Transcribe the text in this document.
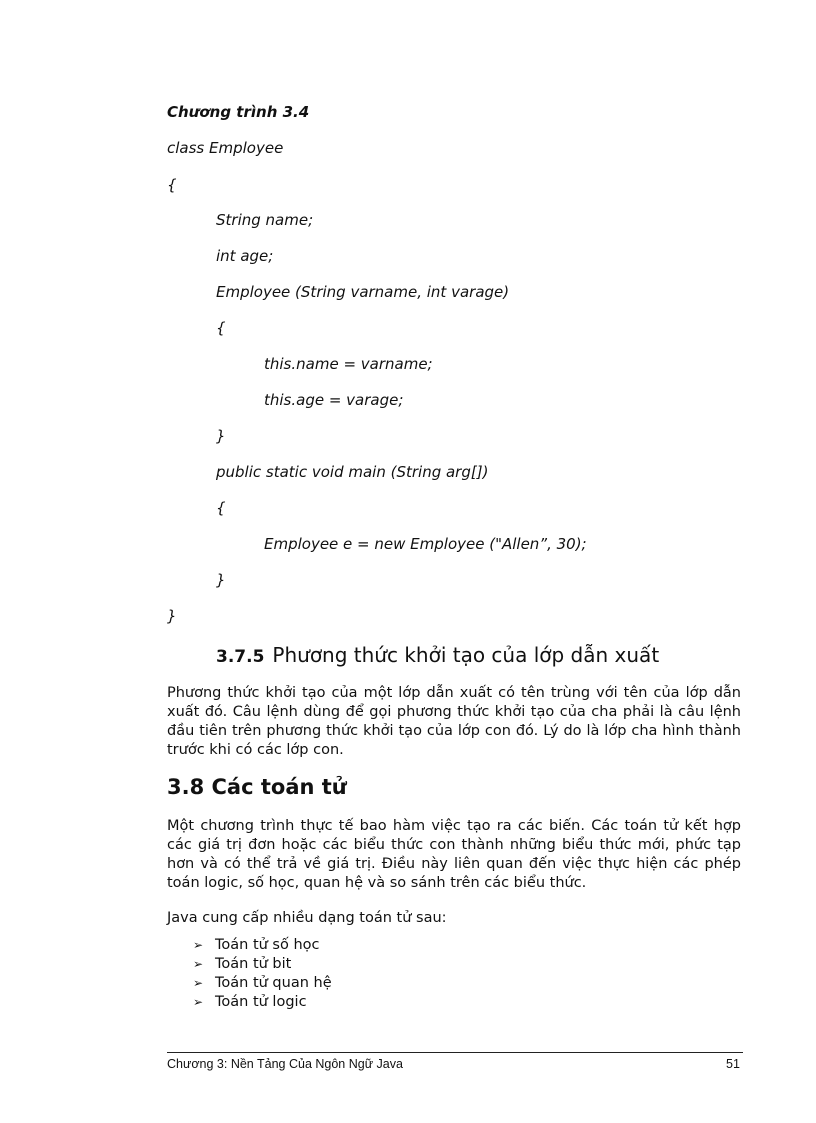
Chương trình 3.4
class Employee
{
String name;
int age;
Employee (String varname, int varage)
{
this.name = varname;
this.age = varage;
}
public static void main (String arg[])
{
Employee e = new Employee ("Allen”, 30);
}
}
3.7.5 Phương thức khởi tạo của lớp dẫn xuất
Phương thức khởi tạo của một lớp dẫn xuất có tên trùng với tên của lớp dẫn xuất đó. Câu lệnh dùng để gọi phương thức khởi tạo của cha phải là câu lệnh đầu tiên trên phương thức khởi tạo của lớp con đó. Lý do là lớp cha hình thành trước khi có các lớp con.
3.8 Các toán tử
Một chương trình thực tế bao hàm việc tạo ra các biến. Các toán tử kết hợp các giá trị đơn hoặc các biểu thức con thành những biểu thức mới, phức tạp hơn và có thể trả về giá trị. Điều này liên quan đến việc thực hiện các phép toán logic, số học, quan hệ và so sánh trên các biểu thức.
Java cung cấp nhiều dạng toán tử sau:
➢ Toán tử số học
➢ Toán tử bit
➢ Toán tử quan hệ
➢ Toán tử logic
Chương 3: Nền Tảng Của Ngôn Ngữ Java	51
